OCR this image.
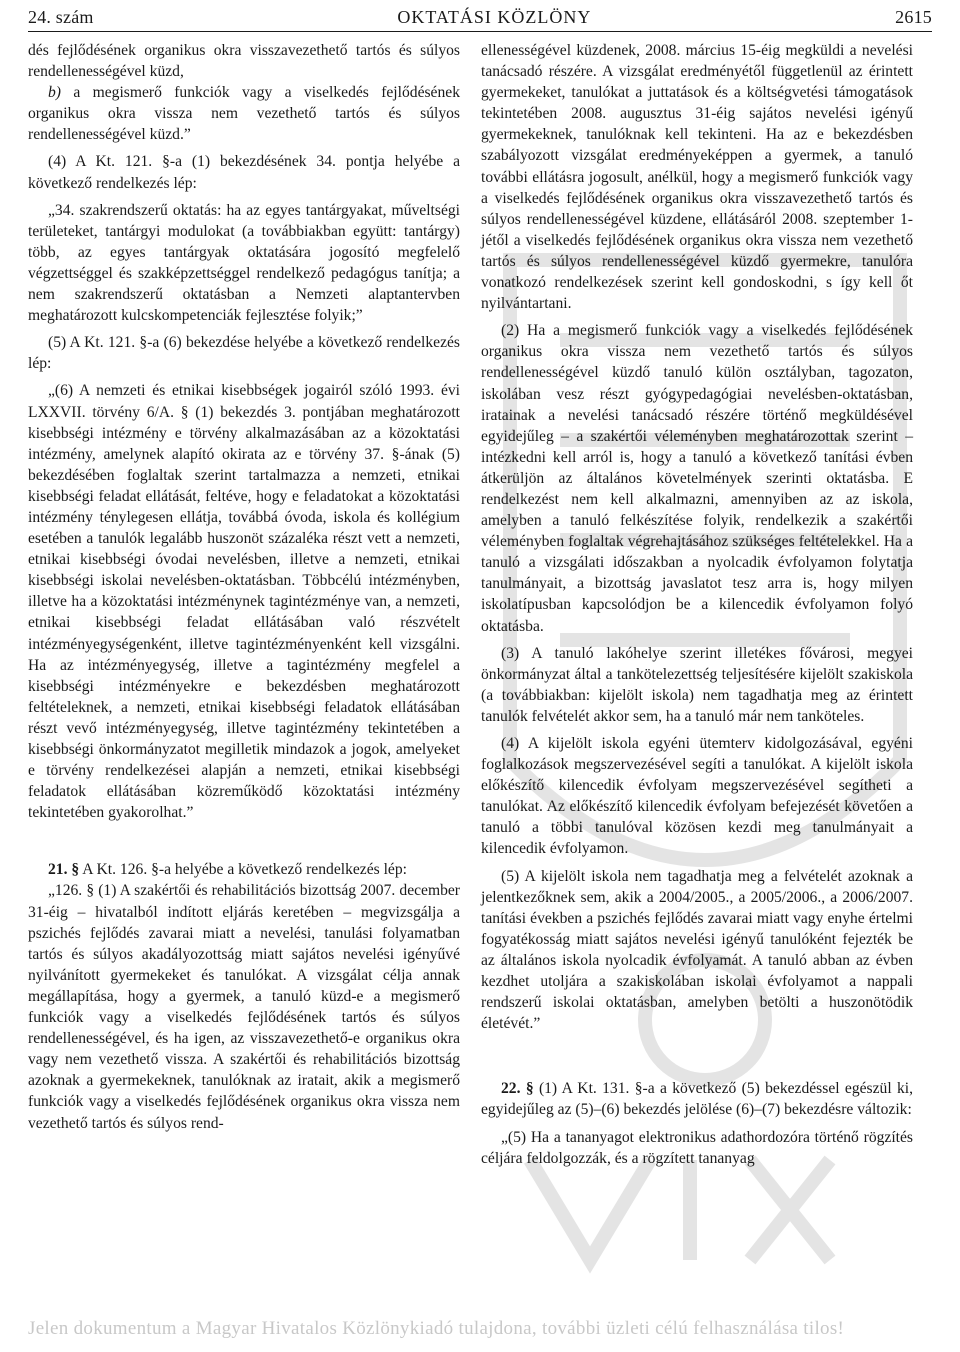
24. szám	OKTATÁSI KÖZLÖNY	2615

dés fejlődésének organikus okra visszavezethető tartós és súlyos rendellenességével küzd,

b) a megismerő funkciók vagy a viselkedés fejlődésének organikus okra vissza nem vezethető tartós és súlyos rendellenességével küzd.”

(4) A Kt. 121. §-a (1) bekezdésének 34. pontja helyébe a következő rendelkezés lép:

„34. szakrendszerű oktatás: ha az egyes tantárgyakat, műveltségi területeket, tantárgyi modulokat (a továbbiakban együtt: tantárgy) több, az egyes tantárgyak oktatására jogosító megfelelő végzettséggel és szakképzettséggel rendelkező pedagógus tanítja; a nem szakrendszerű oktatásban a Nemzeti alaptantervben meghatározott kulcskompetenciák fejlesztése folyik;”

(5) A Kt. 121. §-a (6) bekezdése helyébe a következő rendelkezés lép:

„(6) A nemzeti és etnikai kisebbségek jogairól szóló 1993. évi LXXVII. törvény 6/A. § (1) bekezdés 3. pontjában meghatározott kisebbségi intézmény e törvény alkalmazásában az a közoktatási intézmény, amelynek alapító okirata az e törvény 37. §-ának (5) bekezdésében foglaltak szerint tartalmazza a nemzeti, etnikai kisebbségi feladat ellátását, feltéve, hogy e feladatokat a közoktatási intézmény ténylegesen ellátja, továbbá óvoda, iskola és kollégium esetében a tanulók legalább huszonöt százaléka részt vett a nemzeti, etnikai kisebbségi óvodai nevelésben, illetve a nemzeti, etnikai kisebbségi iskolai nevelésben-oktatásban. Többcélú intézményben, illetve ha a közoktatási intézménynek tagintézménye van, a nemzeti, etnikai kisebbségi feladat ellátásában való részvételt intézményegységenként, illetve tagintézményenként kell vizsgálni. Ha az intézményegység, illetve a tagintézmény megfelel a kisebbségi intézményekre e bekezdésben meghatározott feltételeknek, a nemzeti, etnikai kisebbségi feladatok ellátásában részt vevő intézményegység, illetve tagintézmény tekintetében a kisebbségi önkormányzatot megilletik mindazok a jogok, amelyeket e törvény rendelkezései alapján a nemzeti, etnikai kisebbségi feladatok ellátásában közreműködő közoktatási intézmény tekintetében gyakorolhat.”

21. § A Kt. 126. §-a helyébe a következő rendelkezés lép:

„126. § (1) A szakértői és rehabilitációs bizottság 2007. december 31-éig – hivatalból indított eljárás keretében – megvizsgálja a pszichés fejlődés zavarai miatt a nevelési, tanulási folyamatban tartós és súlyos akadályozottság miatt sajátos nevelési igényűvé nyilvánított gyermekeket és tanulókat. A vizsgálat célja annak megállapítása, hogy a gyermek, a tanuló küzd-e a megismerő funkciók vagy a viselkedés fejlődésének tartós és súlyos rendellenességével, és ha igen, az visszavezethető-e organikus okra vagy nem vezethető vissza. A szakértői és rehabilitációs bizottság azoknak a gyermekeknek, tanulóknak az iratait, akik a megismerő funkciók vagy a viselkedés fejlődésének organikus okra vissza nem vezethető tartós és súlyos rend-

ellenességével küzdenek, 2008. március 15-éig megküldi a nevelési tanácsadó részére. A vizsgálat eredményétől függetlenül az érintett gyermekeket, tanulókat a juttatások és a költségvetési támogatások tekintetében 2008. augusztus 31-éig sajátos nevelési igényű gyermekeknek, tanulóknak kell tekinteni. Ha az e bekezdésben szabályozott vizsgálat eredményeképpen a gyermek, a tanuló további ellátásra jogosult, anélkül, hogy a megismerő funkciók vagy a viselkedés fejlődésének organikus okra visszavezethető tartós és súlyos rendellenességével küzdene, ellátásáról 2008. szeptember 1-jétől a viselkedés fejlődésének organikus okra vissza nem vezethető tartós és súlyos rendellenességével küzdő gyermekre, tanulóra vonatkozó rendelkezések szerint kell gondoskodni, s így kell őt nyilvántartani.

(2) Ha a megismerő funkciók vagy a viselkedés fejlődésének organikus okra vissza nem vezethető tartós és súlyos rendellenességével küzdő tanuló külön osztályban, tagozaton, iskolában vesz részt gyógypedagógiai nevelésben-oktatásban, iratainak a nevelési tanácsadó részére történő megküldésével egyidejűleg – a szakértői véleményben meghatározottak szerint – intézkedni kell arról is, hogy a tanuló a következő tanítási évben átkerüljön az általános követelmények szerinti oktatásba. E rendelkezést nem kell alkalmazni, amennyiben az az iskola, amelyben a tanuló felkészítése folyik, rendelkezik a szakértői véleményben foglaltak végrehajtásához szükséges feltételekkel. Ha a tanuló a vizsgálati időszakban a nyolcadik évfolyamon folytatja tanulmányait, a bizottság javaslatot tesz arra is, hogy milyen iskolatípusban kapcsolódjon be a kilencedik évfolyamon folyó oktatásba.

(3) A tanuló lakóhelye szerint illetékes fővárosi, megyei önkormányzat által a tankötelezettség teljesítésére kijelölt szakiskola (a továbbiakban: kijelölt iskola) nem tagadhatja meg az érintett tanulók felvételét akkor sem, ha a tanuló már nem tanköteles.

(4) A kijelölt iskola egyéni ütemterv kidolgozásával, egyéni foglalkozások megszervezésével segíti a tanulókat. A kijelölt iskola előkészítő kilencedik évfolyam megszervezésével segítheti a tanulókat. Az előkészítő kilencedik évfolyam befejezését követően a tanuló a többi tanulóval közösen kezdi meg tanulmányait a kilencedik évfolyamon.

(5) A kijelölt iskola nem tagadhatja meg a felvételét azoknak a jelentkezőknek sem, akik a 2004/2005., a 2005/2006., a 2006/2007. tanítási években a pszichés fejlődés zavarai miatt vagy enyhe értelmi fogyatékosság miatt sajátos nevelési igényű tanulóként fejezték be az általános iskola nyolcadik évfolyamát. A tanuló abban az évben kezdhet utoljára a szakiskolában iskolai évfolyamot a nappali rendszerű iskolai oktatásban, amelyben betölti a huszonötödik életévét.”

22. § (1) A Kt. 131. §-a a következő (5) bekezdéssel egészül ki, egyidejűleg az (5)–(6) bekezdés jelölése (6)–(7) bekezdésre változik:

„(5) Ha a tananyagot elektronikus adathordozóra történő rögzítés céljára feldolgozzák, és a rögzített tananyag

Jelen dokumentum a Magyar Hivatalos Közlönykiadó tulajdona, további üzleti célú felhasználása tilos!
